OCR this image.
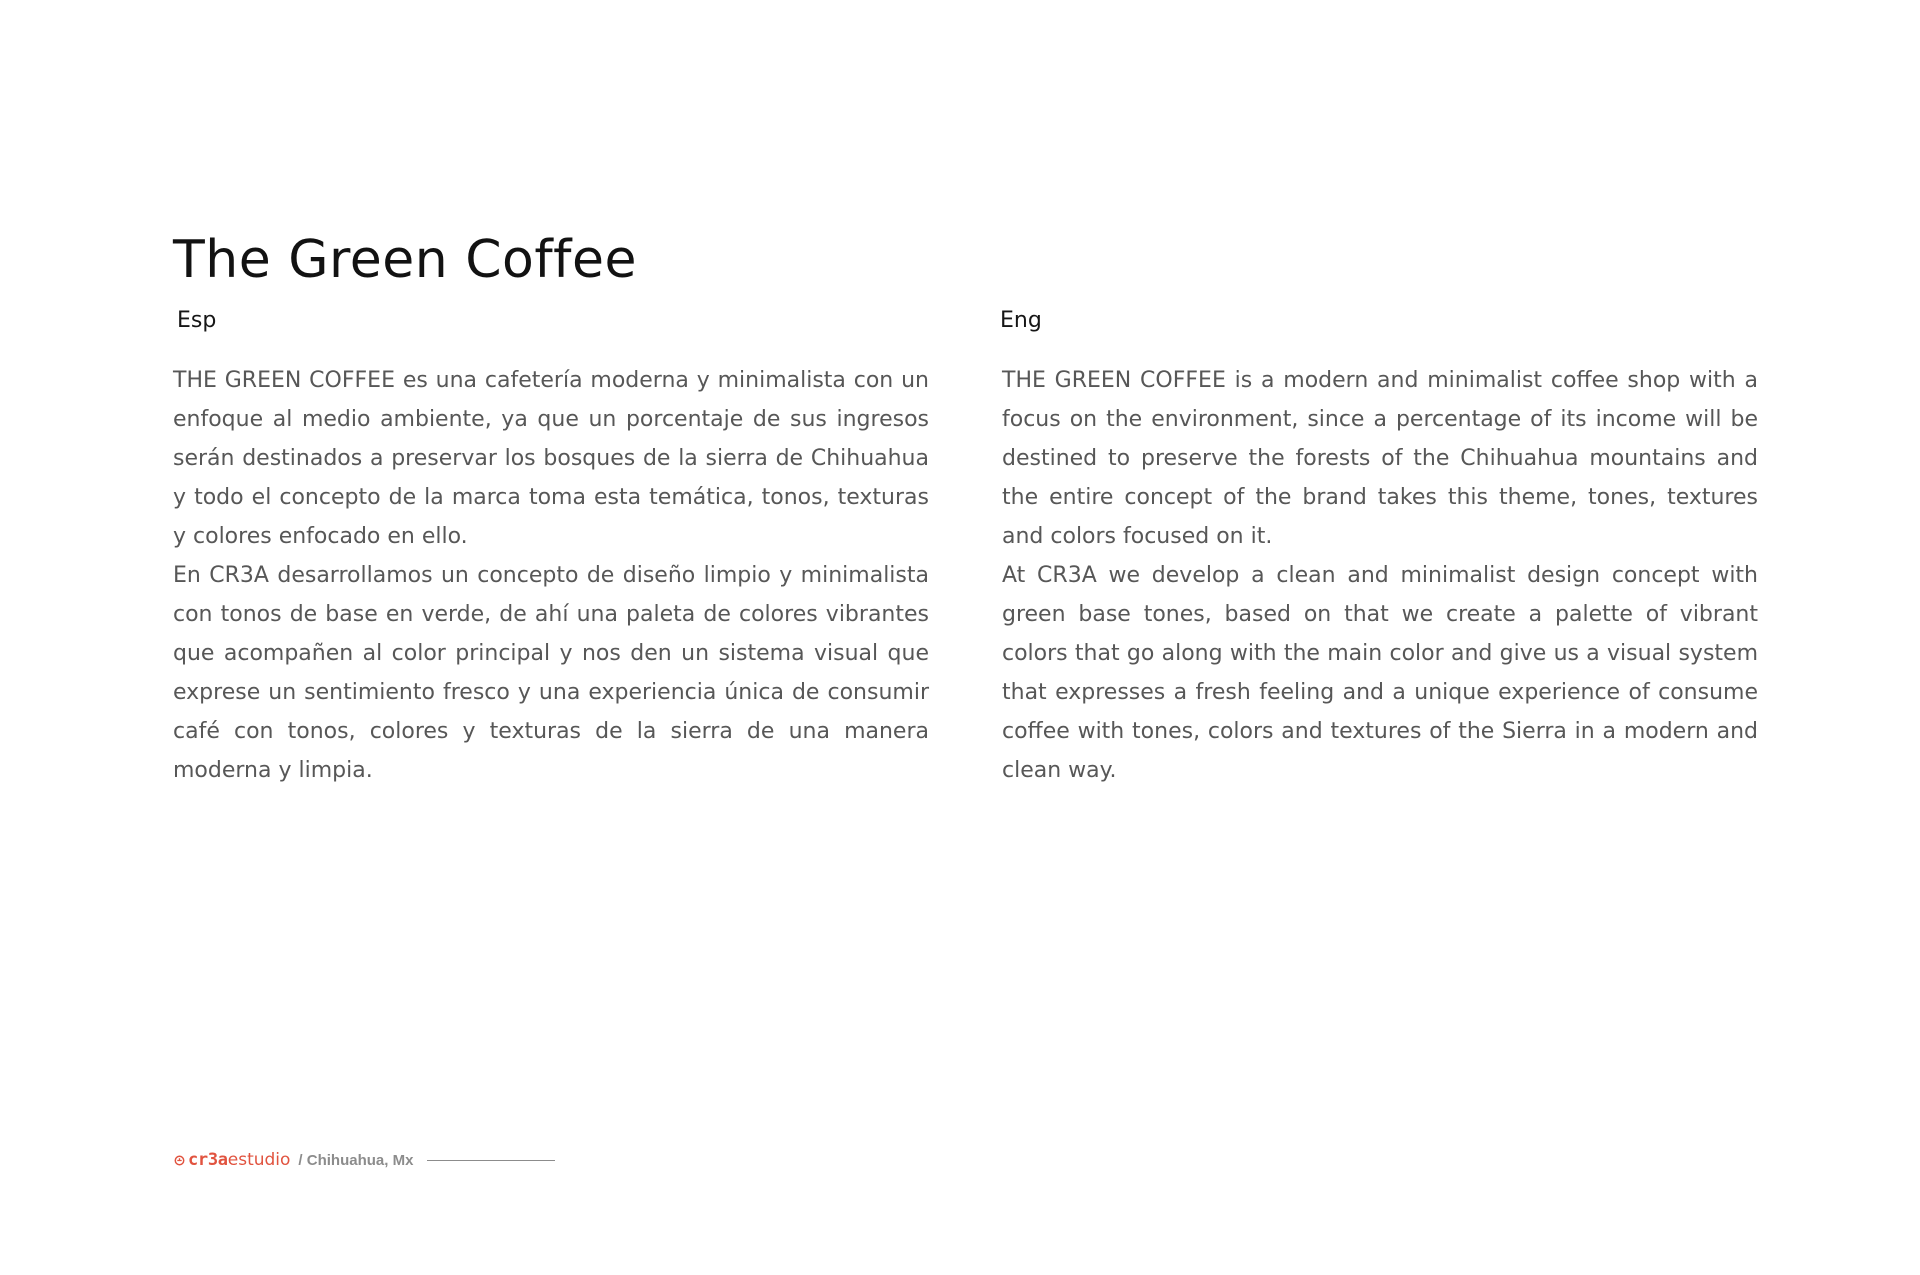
The Green Coffee
Esp	Eng

THE GREEN COFFEE es una cafetería moderna y minimalista con un enfoque al medio ambiente, ya que un porcentaje de sus ingresos serán destinados a preservar los bosques de la sierra de Chihuahua y todo el concepto de la marca toma esta temática, tonos, texturas y colores enfocado en ello.

En CR3A desarrollamos un concepto de diseño limpio y minimalista con tonos de base en verde, de ahí una paleta de colores vibrantes que acompañen al color principal y nos den un sistema visual que exprese un sentimiento fresco y una experiencia única de consumir café con tonos, colores y texturas de la sierra de una manera moderna y limpia.

THE GREEN COFFEE is a modern and minimalist coffee shop with a focus on the environment, since a percentage of its income will be destined to preserve the forests of the Chihuahua mountains and the entire concept of the brand takes this theme, tones, textures and colors focused on it.

At CR3A we develop a clean and minimalist design concept with green base tones, based on that we create a palette of vibrant colors that go along with the main color and give us a visual system that expresses a fresh feeling and a unique experience of consume coffee with tones, colors and textures of the Sierra in a modern and clean way.

cr3a estudio / Chihuahua, Mx
